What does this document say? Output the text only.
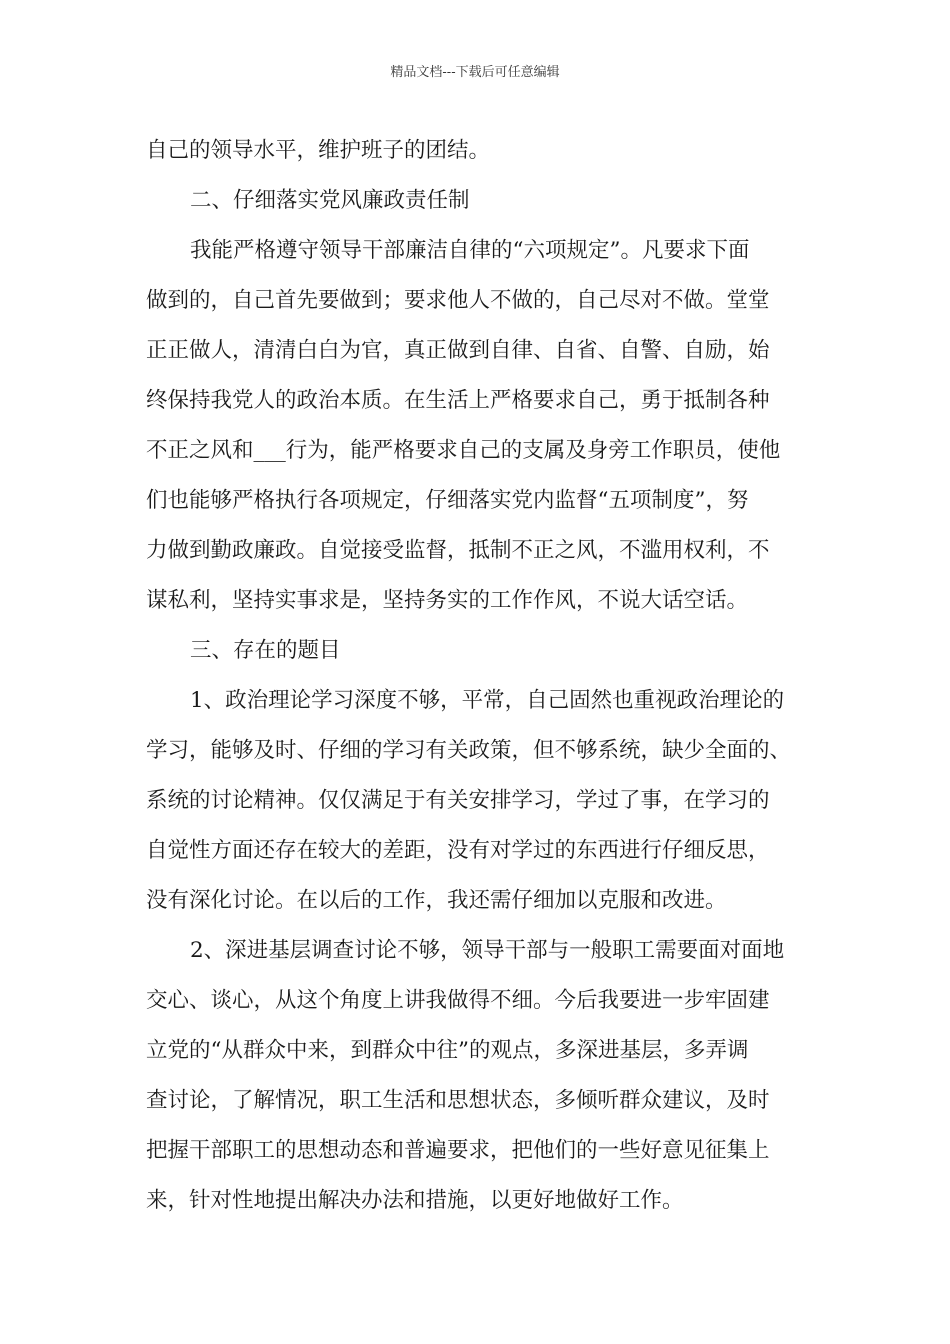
精品文档---下载后可任意编辑
自己的领导水平，维护班子的团结。
二、仔细落实党风廉政责任制
我能严格遵守领导干部廉洁自律的“六项规定”。凡要求下面
做到的，自己首先要做到；要求他人不做的，自己尽对不做。堂堂
正正做人，清清白白为官，真正做到自律、自省、自警、自励，始
终保持我党人的政治本质。在生活上严格要求自己，勇于抵制各种
不正之风和___行为，能严格要求自己的支属及身旁工作职员，使他
们也能够严格执行各项规定，仔细落实党内监督“五项制度”，努
力做到勤政廉政。自觉接受监督，抵制不正之风，不滥用权利，不
谋私利，坚持实事求是，坚持务实的工作作风，不说大话空话。
三、存在的题目
1、政治理论学习深度不够，平常，自己固然也重视政治理论的
学习，能够及时、仔细的学习有关政策，但不够系统，缺少全面的、
系统的讨论精神。仅仅满足于有关安排学习，学过了事，在学习的
自觉性方面还存在较大的差距，没有对学过的东西进行仔细反思，
没有深化讨论。在以后的工作，我还需仔细加以克服和改进。
2、深进基层调查讨论不够，领导干部与一般职工需要面对面地
交心、谈心，从这个角度上讲我做得不细。今后我要进一步牢固建
立党的“从群众中来，到群众中往”的观点，多深进基层，多弄调
查讨论，了解情况，职工生活和思想状态，多倾听群众建议，及时
把握干部职工的思想动态和普遍要求，把他们的一些好意见征集上
来，针对性地提出解决办法和措施，以更好地做好工作。
